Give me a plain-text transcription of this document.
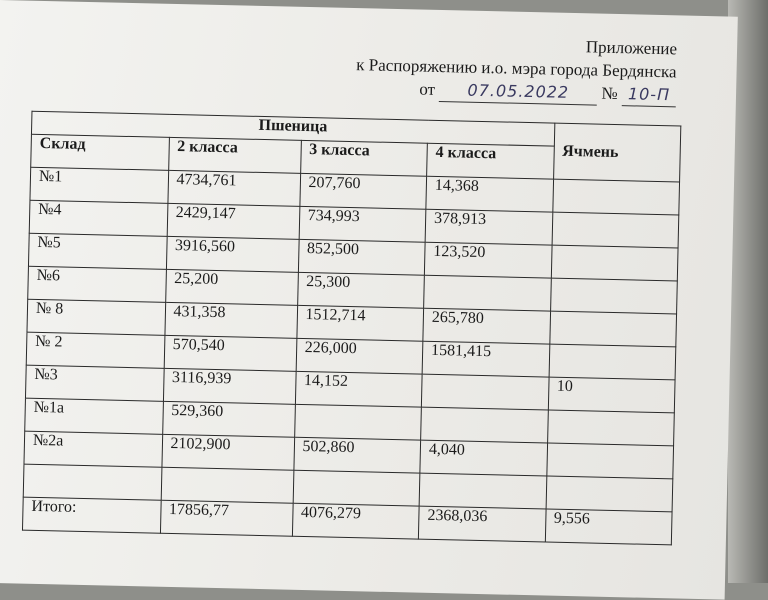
Приложение
к Распоряжению и.о. мэра города Бердянска
от 07.05.2022 № 10-П
Пшеница				Ячмень
Склад	2 класса	3 класса	4 класса	
№1	4734,761	207,760	14,368	
№4	2429,147	734,993	378,913	
№5	3916,560	852,500	123,520	
№6	25,200	25,300		
№ 8	431,358	1512,714	265,780	
№ 2	570,540	226,000	1581,415	
№3	3116,939	14,152		10
№1а	529,360			
№2а	2102,900	502,860	4,040	

Итого:	17856,77	4076,279	2368,036	9,556
